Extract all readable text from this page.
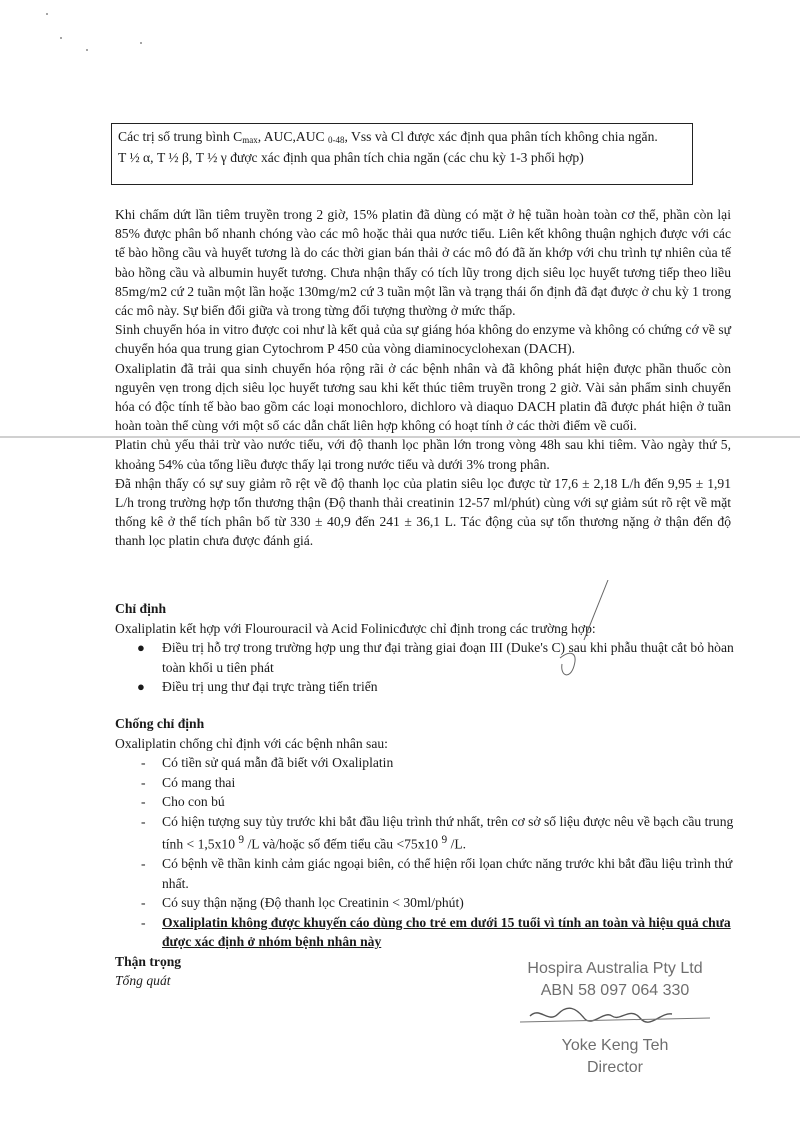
Các trị số trung bình $C_{max}$, AUC,AUC $_{0-48}$, Vss và Cl được xác định qua phân tích không chia ngăn.

T ½ α, T ½ β, T ½ γ được xác định qua phân tích chia ngăn (các chu kỳ 1-3 phối hợp)

Khi chấm dứt lần tiêm truyền trong 2 giờ, 15% platin đã dùng có mặt ở hệ tuần hoàn toàn cơ thể, phần còn lại 85% được phân bố nhanh chóng vào các mô hoặc thải qua nước tiểu. Liên kết không thuận nghịch được với các tế bào hồng cầu và huyết tương là do các thời gian bán thải ở các mô đó đã ăn khớp với chu trình tự nhiên của tế bào hồng cầu và albumin huyết tương. Chưa nhận thấy có tích lũy trong dịch siêu lọc huyết tương tiếp theo liều 85mg/m2 cứ 2 tuần một lần hoặc 130mg/m2 cứ 3 tuần một lần và trạng thái ổn định đã đạt được ở chu kỳ 1 trong các mô này. Sự biến đổi giữa và trong từng đối tượng thường ở mức thấp.

Sinh chuyển hóa in vitro được coi như là kết quả của sự giáng hóa không do enzyme và không có chứng cớ về sự chuyển hóa qua trung gian Cytochrom P 450 của vòng diaminocyclohexan (DACH).

Oxaliplatin đã trải qua sinh chuyển hóa rộng rãi ở các bệnh nhân và đã không phát hiện được phần thuốc còn nguyên vẹn trong dịch siêu lọc huyết tương sau khi kết thúc tiêm truyền trong 2 giờ. Vài sản phẩm sinh chuyển hóa có độc tính tế bào bao gồm các loại monochloro, dichloro và diaquo DACH platin đã được phát hiện ở tuần hoàn toàn thể cùng với một số các dẫn chất liên hợp không có hoạt tính ở các thời điểm về cuối.

Platin chủ yếu thải trừ vào nước tiểu, với độ thanh lọc phần lớn trong vòng 48h sau khi tiêm. Vào ngày thứ 5, khoảng 54% của tổng liều được thấy lại trong nước tiểu và dưới 3% trong phân.

Đã nhận thấy có sự suy giảm rõ rệt về độ thanh lọc của platin siêu lọc được từ 17,6 ± 2,18 L/h đến 9,95 ± 1,91 L/h trong trường hợp tổn thương thận (Độ thanh thải creatinin 12-57 ml/phút) cùng với sự giảm sút rõ rệt về mặt thống kê ở thể tích phân bố từ 330 ± 40,9 đến 241 ± 36,1 L. Tác động của sự tổn thương nặng ở thận đến độ thanh lọc platin chưa được đánh giá.

Chỉ định

Oxaliplatin kết hợp với Flourouracil và Acid Folinicđược chỉ định trong các trường hợp:

● Điều trị hỗ trợ trong trường hợp ung thư đại tràng giai đoạn III (Duke's C) sau khi phẫu thuật cắt bỏ hòan toàn khối u tiên phát
● Điều trị ung thư đại trực tràng tiến triển

Chống chỉ định

Oxaliplatin chống chỉ định với các bệnh nhân sau:

- Có tiền sử quá mẫn đã biết với Oxaliplatin
- Có mang thai
- Cho con bú
- Có hiện tượng suy tủy trước khi bắt đầu liệu trình thứ nhất, trên cơ sở số liệu được nêu về bạch cầu trung tính < 1,5x10 $^9$ /L và/hoặc số đếm tiểu cầu <75x10 $^9$ /L.
- Có bệnh về thần kinh cảm giác ngoại biên, có thể hiện rối lọan chức năng trước khi bắt đầu liệu trình thứ nhất.
- Có suy thận nặng (Độ thanh lọc Creatinin < 30ml/phút)
- Oxaliplatin không được khuyến cáo dùng cho trẻ em dưới 15 tuổi vì tính an toàn và hiệu quả chưa được xác định ở nhóm bệnh nhân này

Thận trọng

Tổng quát

Hospira Australia Pty Ltd
ABN 58 097 064 330
Yoke Keng Teh
Director
